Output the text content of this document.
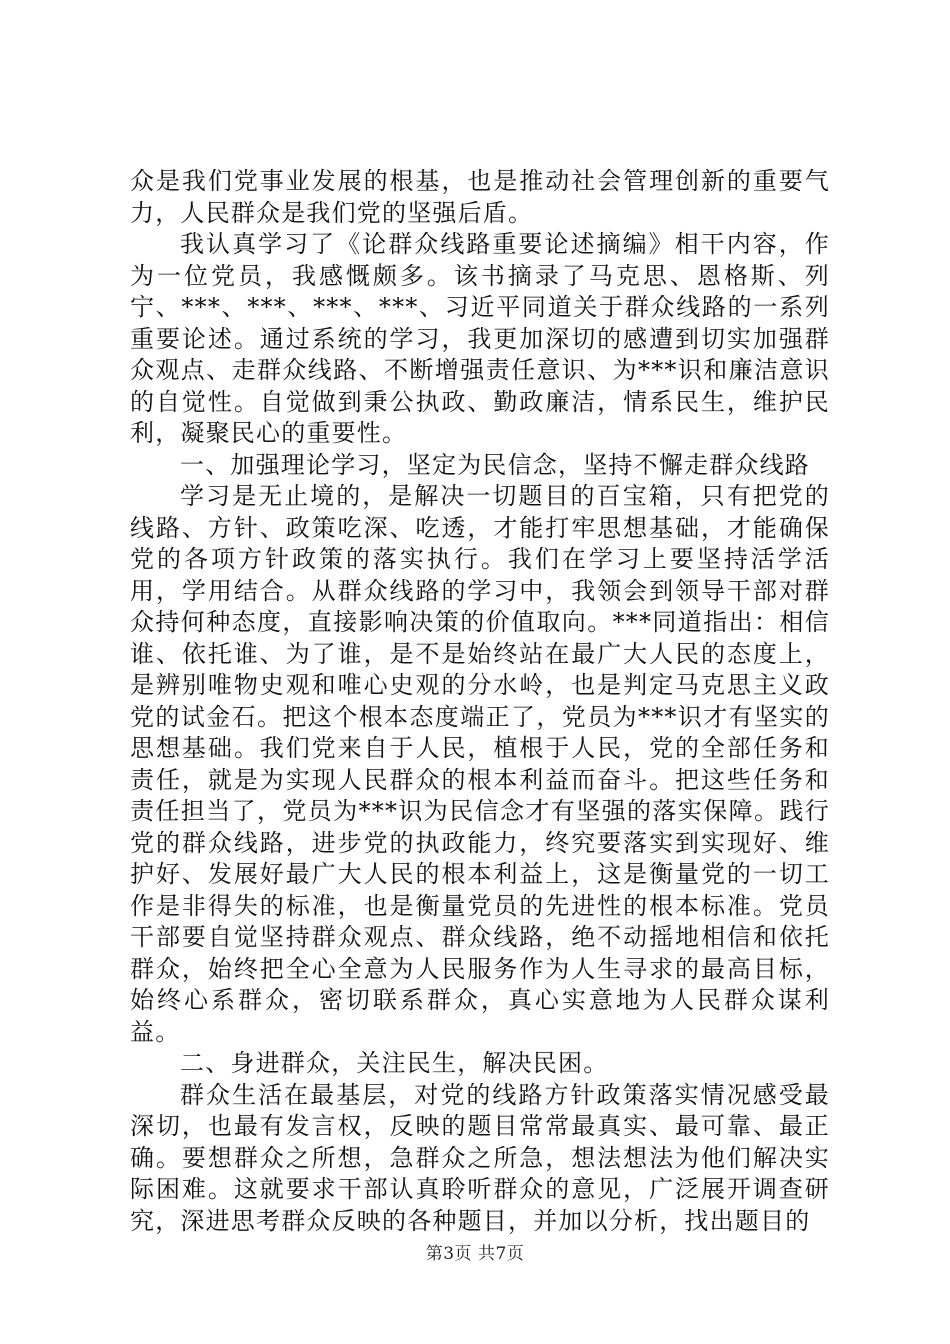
众是我们党事业发展的根基，也是推动社会管理创新的重要气力，人民群众是我们党的坚强后盾。

我认真学习了《论群众线路重要论述摘编》相干内容，作为一位党员，我感慨颇多。该书摘录了马克思、恩格斯、列宁、***、***、***、***、习近平同道关于群众线路的一系列重要论述。通过系统的学习，我更加深切的感遭到切实加强群众观点、走群众线路、不断增强责任意识、为***识和廉洁意识的自觉性。自觉做到秉公执政、勤政廉洁，情系民生，维护民利，凝聚民心的重要性。

一、加强理论学习，坚定为民信念，坚持不懈走群众线路

学习是无止境的，是解决一切题目的百宝箱，只有把党的线路、方针、政策吃深、吃透，才能打牢思想基础，才能确保党的各项方针政策的落实执行。我们在学习上要坚持活学活用，学用结合。从群众线路的学习中，我领会到领导干部对群众持何种态度，直接影响决策的价值取向。***同道指出：相信谁、依托谁、为了谁，是不是始终站在最广大人民的态度上，是辨别唯物史观和唯心史观的分水岭，也是判定马克思主义政党的试金石。把这个根本态度端正了，党员为***识才有坚实的思想基础。我们党来自于人民，植根于人民，党的全部任务和责任，就是为实现人民群众的根本利益而奋斗。把这些任务和责任担当了，党员为***识为民信念才有坚强的落实保障。践行党的群众线路，进步党的执政能力，终究要落实到实现好、维护好、发展好最广大人民的根本利益上，这是衡量党的一切工作是非得失的标准，也是衡量党员的先进性的根本标准。党员干部要自觉坚持群众观点、群众线路，绝不动摇地相信和依托群众，始终把全心全意为人民服务作为人生寻求的最高目标，始终心系群众，密切联系群众，真心实意地为人民群众谋利益。

二、身进群众，关注民生，解决民困。

群众生活在最基层，对党的线路方针政策落实情况感受最深切，也最有发言权，反映的题目常常最真实、最可靠、最正确。要想群众之所想，急群众之所急，想法想法为他们解决实际困难。这就要求干部认真聆听群众的意见，广泛展开调查研究，深进思考群众反映的各种题目，并加以分析，找出题目的

第3页 共7页
